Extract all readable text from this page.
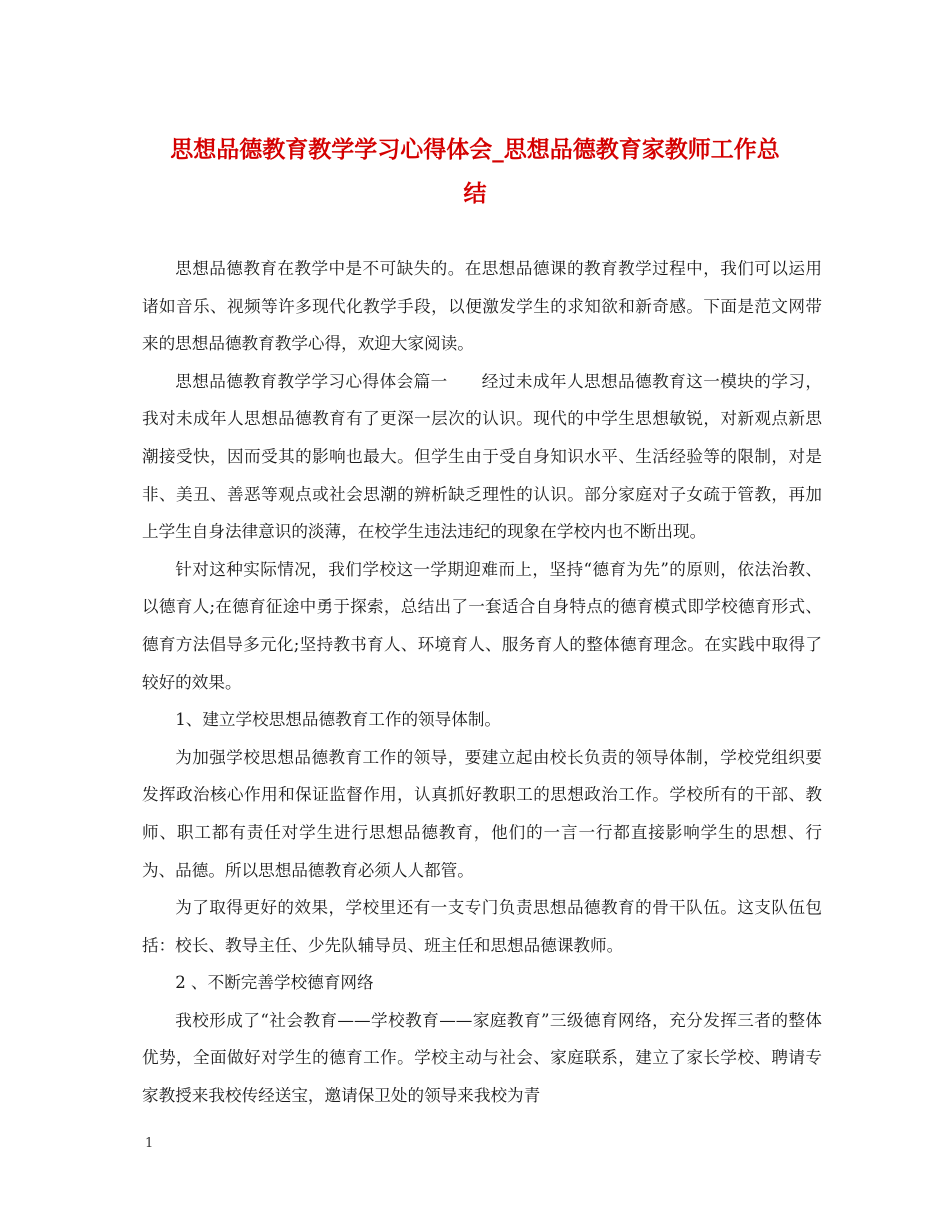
思想品德教育教学学习心得体会_思想品德教育家教师工作总
结

思想品德教育在教学中是不可缺失的。在思想品德课的教育教学过程中，我们可以运用诸如音乐、视频等许多现代化教学手段，以便激发学生的求知欲和新奇感。下面是范文网带来的思想品德教育教学心得，欢迎大家阅读。

思想品德教育教学学习心得体会篇一　　经过未成年人思想品德教育这一模块的学习，我对未成年人思想品德教育有了更深一层次的认识。现代的中学生思想敏锐，对新观点新思潮接受快，因而受其的影响也最大。但学生由于受自身知识水平、生活经验等的限制，对是非、美丑、善恶等观点或社会思潮的辨析缺乏理性的认识。部分家庭对子女疏于管教，再加上学生自身法律意识的淡薄，在校学生违法违纪的现象在学校内也不断出现。

针对这种实际情况，我们学校这一学期迎难而上，坚持“德育为先”的原则，依法治教、以德育人;在德育征途中勇于探索，总结出了一套适合自身特点的德育模式即学校德育形式、德育方法倡导多元化;坚持教书育人、环境育人、服务育人的整体德育理念。在实践中取得了较好的效果。

1、建立学校思想品德教育工作的领导体制。

为加强学校思想品德教育工作的领导，要建立起由校长负责的领导体制，学校党组织要发挥政治核心作用和保证监督作用，认真抓好教职工的思想政治工作。学校所有的干部、教师、职工都有责任对学生进行思想品德教育，他们的一言一行都直接影响学生的思想、行为、品德。所以思想品德教育必须人人都管。

为了取得更好的效果，学校里还有一支专门负责思想品德教育的骨干队伍。这支队伍包括：校长、教导主任、少先队辅导员、班主任和思想品德课教师。

2 、不断完善学校德育网络

我校形成了“社会教育——学校教育——家庭教育”三级德育网络，充分发挥三者的整体优势，全面做好对学生的德育工作。学校主动与社会、家庭联系，建立了家长学校、聘请专家教授来我校传经送宝，邀请保卫处的领导来我校为青

1
